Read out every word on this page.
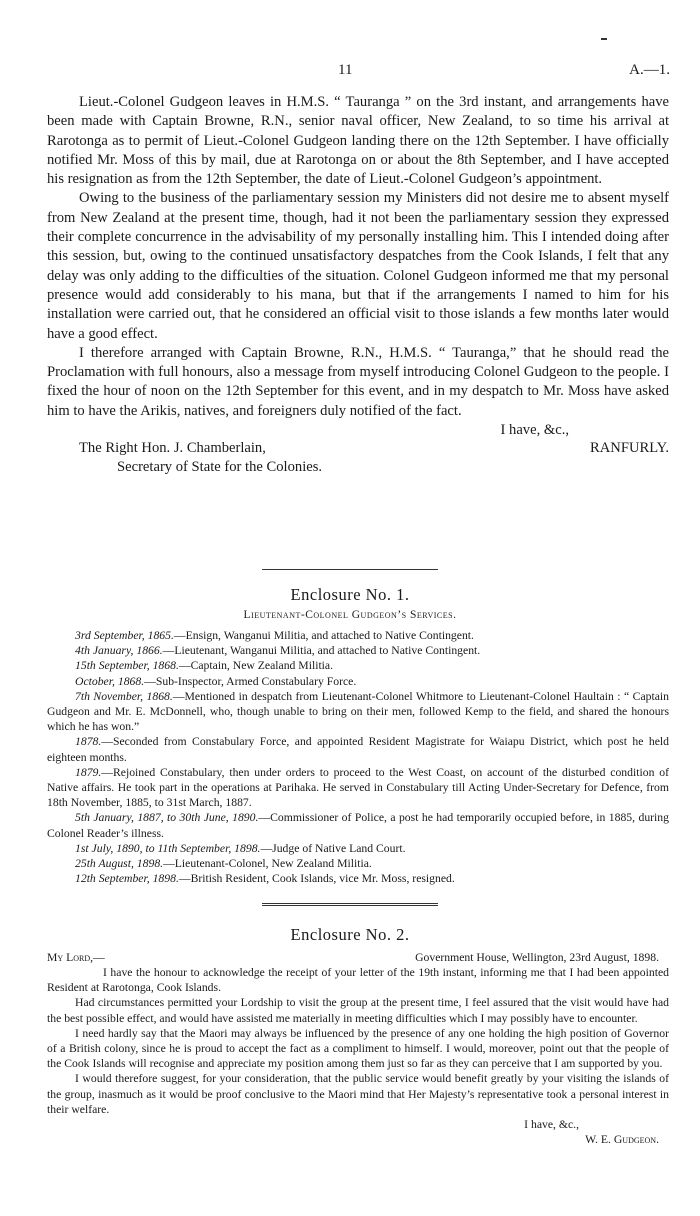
11	A.—1.

Lieut.-Colonel Gudgeon leaves in H.M.S. “ Tauranga ” on the 3rd instant, and arrangements have been made with Captain Browne, R.N., senior naval officer, New Zealand, to so time his arrival at Rarotonga as to permit of Lieut.-Colonel Gudgeon landing there on the 12th September. I have officially notified Mr. Moss of this by mail, due at Rarotonga on or about the 8th September, and I have accepted his resignation as from the 12th September, the date of Lieut.-Colonel Gudgeon’s appointment.

Owing to the business of the parliamentary session my Ministers did not desire me to absent myself from New Zealand at the present time, though, had it not been the parliamentary session they expressed their complete concurrence in the advisability of my personally installing him. This I intended doing after this session, but, owing to the continued unsatisfactory despatches from the Cook Islands, I felt that any delay was only adding to the difficulties of the situation. Colonel Gudgeon informed me that my personal presence would add considerably to his mana, but that if the arrangements I named to him for his installation were carried out, that he considered an official visit to those islands a few months later would have a good effect.

I therefore arranged with Captain Browne, R.N., H.M.S. “ Tauranga,” that he should read the Proclamation with full honours, also a message from myself introducing Colonel Gudgeon to the people. I fixed the hour of noon on the 12th September for this event, and in my despatch to Mr. Moss have asked him to have the Arikis, natives, and foreigners duly notified of the fact.

I have, &c.,
The Right Hon. J. Chamberlain,	RANFURLY.
Secretary of State for the Colonies.
Enclosure No. 1.
Lieutenant-Colonel Gudgeon’s Services.

3rd September, 1865.—Ensign, Wanganui Militia, and attached to Native Contingent.

4th January, 1866.—Lieutenant, Wanganui Militia, and attached to Native Contingent.

15th September, 1868.—Captain, New Zealand Militia.

October, 1868.—Sub-Inspector, Armed Constabulary Force.

7th November, 1868.—Mentioned in despatch from Lieutenant-Colonel Whitmore to Lieutenant-Colonel Haultain : “ Captain Gudgeon and Mr. E. McDonnell, who, though unable to bring on their men, followed Kemp to the field, and shared the honours which he has won.”

1878.—Seconded from Constabulary Force, and appointed Resident Magistrate for Waiapu District, which post he held eighteen months.

1879.—Rejoined Constabulary, then under orders to proceed to the West Coast, on account of the disturbed condition of Native affairs. He took part in the operations at Parihaka. He served in Constabulary till Acting Under-Secretary for Defence, from 18th November, 1885, to 31st March, 1887.

5th January, 1887, to 30th June, 1890.—Commissioner of Police, a post he had temporarily occupied before, in 1885, during Colonel Reader’s illness.

1st July, 1890, to 11th September, 1898.—Judge of Native Land Court.

25th August, 1898.—Lieutenant-Colonel, New Zealand Militia.

12th September, 1898.—British Resident, Cook Islands, vice Mr. Moss, resigned.

Enclosure No. 2.
My Lord,—	Government House, Wellington, 23rd August, 1898.

I have the honour to acknowledge the receipt of your letter of the 19th instant, informing me that I had been appointed Resident at Rarotonga, Cook Islands.

Had circumstances permitted your Lordship to visit the group at the present time, I feel assured that the visit would have had the best possible effect, and would have assisted me materially in meeting difficulties which I may possibly have to encounter.

I need hardly say that the Maori may always be influenced by the presence of any one holding the high position of Governor of a British colony, since he is proud to accept the fact as a compliment to himself. I would, moreover, point out that the people of the Cook Islands will recognise and appreciate my position among them just so far as they can perceive that I am supported by you.

I would therefore suggest, for your consideration, that the public service would benefit greatly by your visiting the islands of the group, inasmuch as it would be proof conclusive to the Maori mind that Her Majesty’s representative took a personal interest in their welfare.

I have, &c.,
W. E. Gudgeon.
